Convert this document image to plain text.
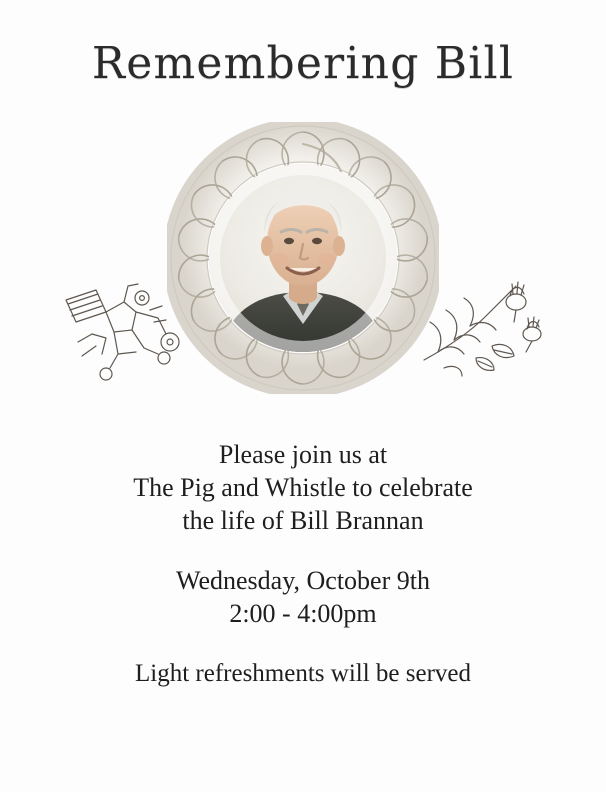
Remembering Bill
Please join us at
The Pig and Whistle to celebrate
the life of Bill Brannan
Wednesday, October 9th
2:00 - 4:00pm
Light refreshments will be served
